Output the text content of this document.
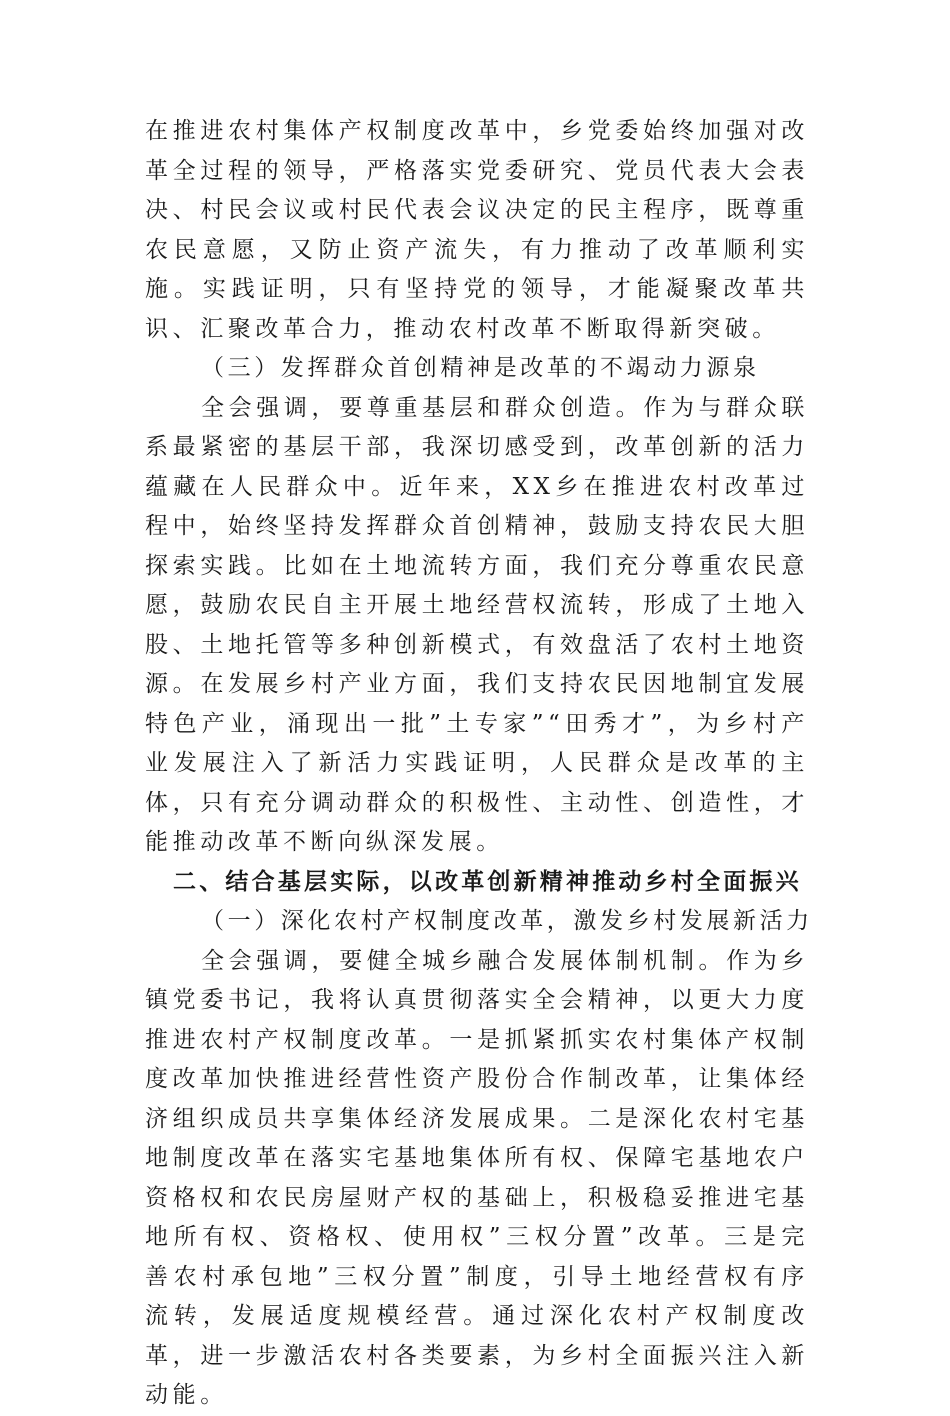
在推进农村集体产权制度改革中，乡党委始终加强对改革全过程的领导，严格落实党委研究、党员代表大会表决、村民会议或村民代表会议决定的民主程序，既尊重农民意愿，又防止资产流失，有力推动了改革顺利实施。实践证明，只有坚持党的领导，才能凝聚改革共识、汇聚改革合力，推动农村改革不断取得新突破。

（三）发挥群众首创精神是改革的不竭动力源泉

全会强调，要尊重基层和群众创造。作为与群众联系最紧密的基层干部，我深切感受到，改革创新的活力蕴藏在人民群众中。近年来，XX乡在推进农村改革过程中，始终坚持发挥群众首创精神，鼓励支持农民大胆探索实践。比如在土地流转方面，我们充分尊重农民意愿，鼓励农民自主开展土地经营权流转，形成了土地入股、土地托管等多种创新模式，有效盘活了农村土地资源。在发展乡村产业方面，我们支持农民因地制宜发展特色产业，涌现出一批”土专家”“田秀才”，为乡村产业发展注入了新活力实践证明，人民群众是改革的主体，只有充分调动群众的积极性、主动性、创造性，才能推动改革不断向纵深发展。

二、结合基层实际，以改革创新精神推动乡村全面振兴

（一）深化农村产权制度改革，激发乡村发展新活力

全会强调，要健全城乡融合发展体制机制。作为乡镇党委书记，我将认真贯彻落实全会精神，以更大力度推进农村产权制度改革。一是抓紧抓实农村集体产权制度改革加快推进经营性资产股份合作制改革，让集体经济组织成员共享集体经济发展成果。二是深化农村宅基地制度改革在落实宅基地集体所有权、保障宅基地农户资格权和农民房屋财产权的基础上，积极稳妥推进宅基地所有权、资格权、使用权”三权分置”改革。三是完善农村承包地”三权分置”制度，引导土地经营权有序流转，发展适度规模经营。通过深化农村产权制度改革，进一步激活农村各类要素，为乡村全面振兴注入新动能。
